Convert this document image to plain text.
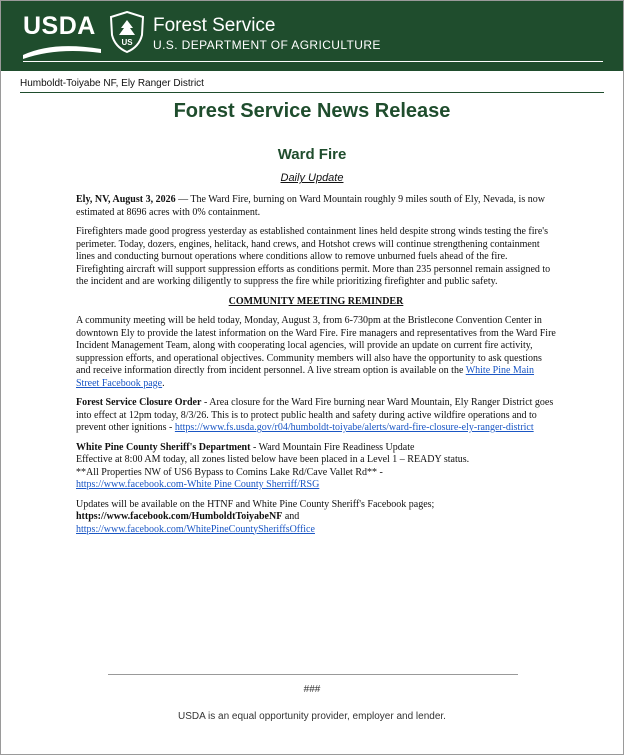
USDA
US
Forest Service
U.S. DEPARTMENT OF AGRICULTURE
Humboldt-Toiyabe NF, Ely Ranger District
Forest Service News Release
Ward Fire
Daily Update

Ely, NV, August 3, 2026 — The Ward Fire, burning on Ward Mountain roughly 9 miles south of Ely, Nevada, is now estimated at 8696 acres with 0% containment.

Firefighters made good progress yesterday as established containment lines held despite strong winds testing the fire's perimeter. Today, dozers, engines, helitack, hand crews, and Hotshot crews will continue strengthening containment lines and conducting burnout operations where conditions allow to remove unburned fuels ahead of the fire. Firefighting aircraft will support suppression efforts as conditions permit. More than 235 personnel remain assigned to the incident and are working diligently to suppress the fire while prioritizing firefighter and public safety.

COMMUNITY MEETING REMINDER

A community meeting will be held today, Monday, August 3, from 6-730pm at the Bristlecone Convention Center in downtown Ely to provide the latest information on the Ward Fire. Fire managers and representatives from the Ward Fire Incident Management Team, along with cooperating local agencies, will provide an update on current fire activity, suppression efforts, and operational objectives. Community members will also have the opportunity to ask questions and receive information directly from incident personnel. A live stream option is available on the White Pine Main Street Facebook page.

Forest Service Closure Order - Area closure for the Ward Fire burning near Ward Mountain, Ely Ranger District goes into effect at 12pm today, 8/3/26. This is to protect public health and safety during active wildfire operations and to prevent other ignitions - https://www.fs.usda.gov/r04/humboldt-toiyabe/alerts/ward-fire-closure-ely-ranger-district

White Pine County Sheriff's Department - Ward Mountain Fire Readiness Update
Effective at 8:00 AM today, all zones listed below have been placed in a Level 1 – READY status.
**All Properties NW of US6 Bypass to Comins Lake Rd/Cave Vallet Rd** -
https://www.facebook.com-White Pine County Sherriff/RSG

Updates will be available on the HTNF and White Pine County Sheriff's Facebook pages;
https://www.facebook.com/HumboldtToiyabeNF and
https://www.facebook.com/WhitePineCountySheriffsOffice

###
USDA is an equal opportunity provider, employer and lender.
